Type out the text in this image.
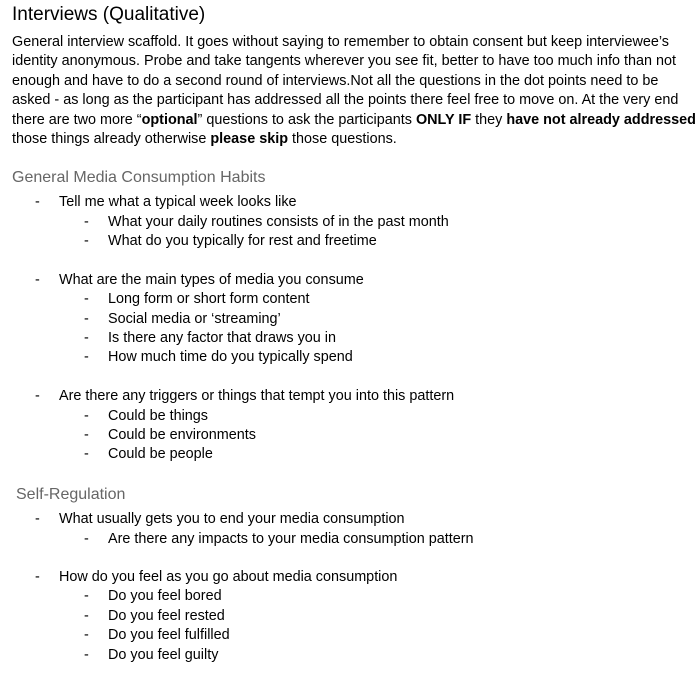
Interviews (Qualitative)
General interview scaffold. It goes without saying to remember to obtain consent but keep interviewee’s identity anonymous. Probe and take tangents wherever you see fit, better to have too much info than not enough and have to do a second round of interviews.Not all the questions in the dot points need to be asked - as long as the participant has addressed all the points there feel free to move on. At the very end there are two more “optional” questions to ask the participants ONLY IF they have not already addressed those things already otherwise please skip those questions.
General Media Consumption Habits
- Tell me what a typical week looks like
- What your daily routines consists of in the past month
- What do you typically for rest and freetime
- What are the main types of media you consume
- Long form or short form content
- Social media or ‘streaming’
- Is there any factor that draws you in
- How much time do you typically spend
- Are there any triggers or things that tempt you into this pattern
- Could be things
- Could be environments
- Could be people
Self-Regulation
- What usually gets you to end your media consumption
- Are there any impacts to your media consumption pattern
- How do you feel as you go about media consumption
- Do you feel bored
- Do you feel rested
- Do you feel fulfilled
- Do you feel guilty
